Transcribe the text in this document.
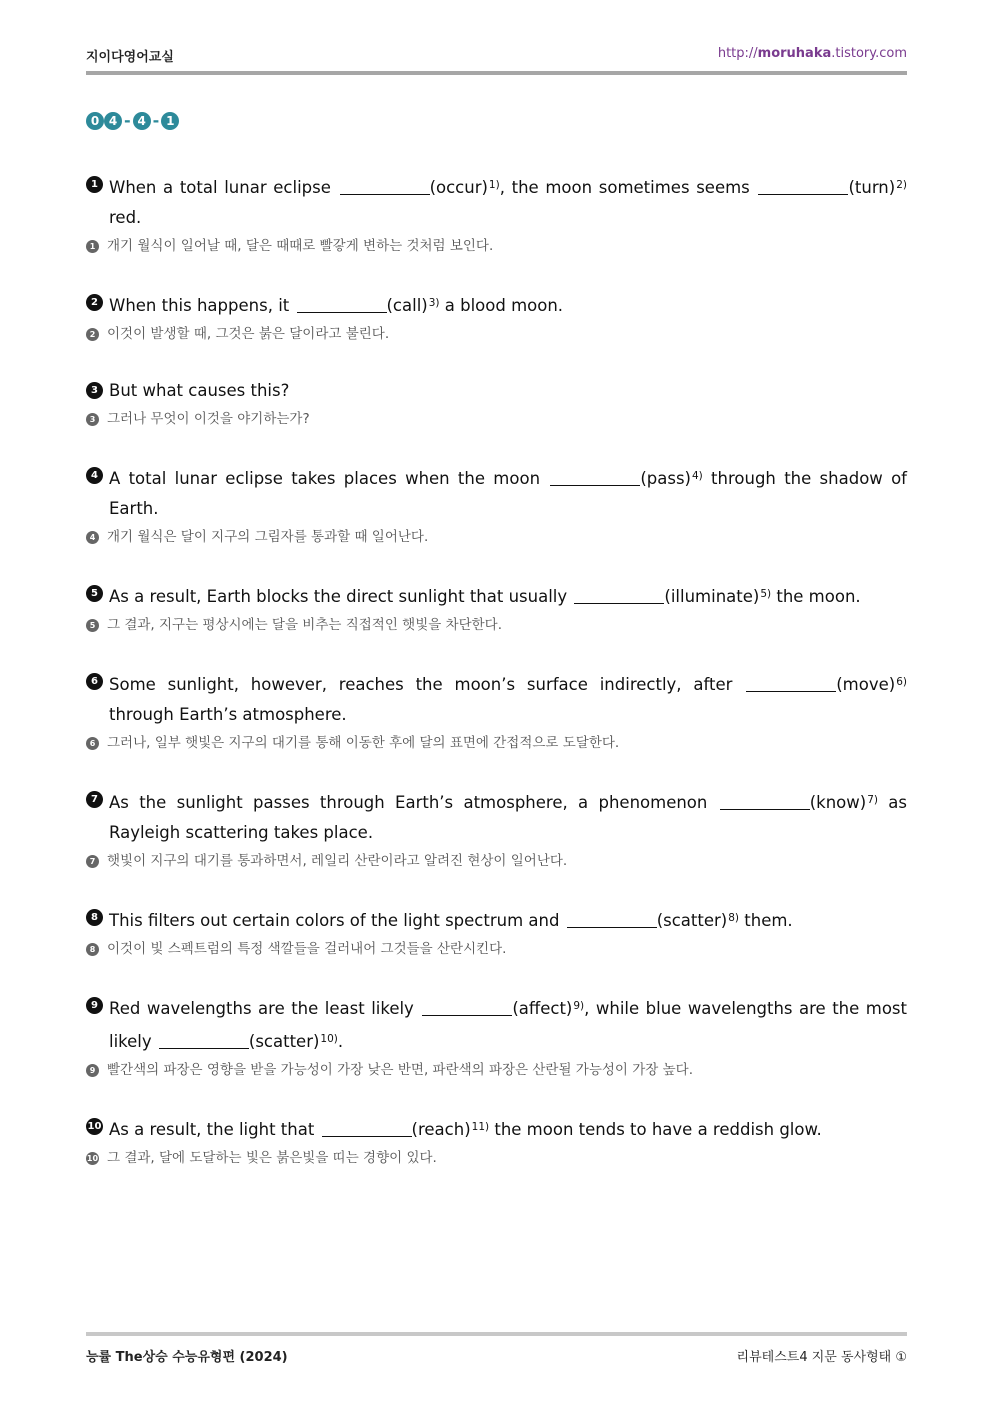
지이다영어교실	http://moruhaka.tistory.com
0 4 - 4 - 1
1 When a total lunar eclipse	(occur)$^{1)}$, the moon sometimes seems	(turn)$^{2)}$ red.
1 개기 월식이 일어날 때, 달은 때때로 빨갛게 변하는 것처럼 보인다.
2 When this happens, it	(call)$^{3)}$ a blood moon.
2 이것이 발생할 때, 그것은 붉은 달이라고 불린다.
3 But what causes this?
3 그러나 무엇이 이것을 야기하는가?
4 A total lunar eclipse takes places when the moon	(pass)$^{4)}$ through the shadow of Earth.
4 개기 월식은 달이 지구의 그림자를 통과할 때 일어난다.
5 As a result, Earth blocks the direct sunlight that usually	(illuminate)$^{5)}$ the moon.
5 그 결과, 지구는 평상시에는 달을 비추는 직접적인 햇빛을 차단한다.
6 Some sunlight, however, reaches the moon’s surface indirectly, after	(move)$^{6)}$ through Earth’s atmosphere.
6 그러나, 일부 햇빛은 지구의 대기를 통해 이동한 후에 달의 표면에 간접적으로 도달한다.
7 As the sunlight passes through Earth’s atmosphere, a phenomenon	(know)$^{7)}$ as Rayleigh scattering takes place.
7 햇빛이 지구의 대기를 통과하면서, 레일리 산란이라고 알려진 현상이 일어난다.
8 This filters out certain colors of the light spectrum and	(scatter)$^{8)}$ them.
8 이것이 빛 스펙트럼의 특정 색깔들을 걸러내어 그것들을 산란시킨다.
9 Red wavelengths are the least likely	(affect)$^{9)}$, while blue wavelengths are the most likely	(scatter)$^{10)}$.
9 빨간색의 파장은 영향을 받을 가능성이 가장 낮은 반면, 파란색의 파장은 산란될 가능성이 가장 높다.
10 As a result, the light that	(reach)$^{11)}$ the moon tends to have a reddish glow.
10 그 결과, 달에 도달하는 빛은 붉은빛을 띠는 경향이 있다.
능률 The상승 수능유형편 (2024)	리뷰테스트4 지문 동사형태 ①
